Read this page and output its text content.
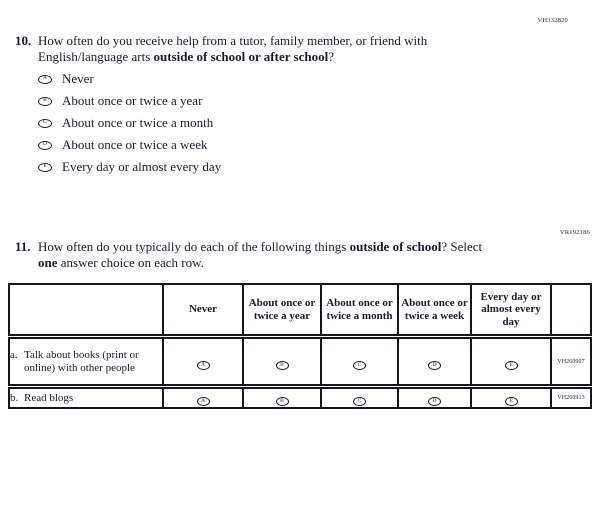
VH332820
10. How often do you receive help from a tutor, family member, or friend with
English/language arts outside of school or after school?
A Never
B About once or twice a year
C About once or twice a month
D About once or twice a week
E Every day or almost every day
VR192186
11. How often do you typically do each of the following things outside of school? Select
one answer choice on each row.
	Never	About once or twice a year	About once or twice a month	About once or twice a week	Every day or almost every day	

a. Talk about books (print or online) with other people	A	B	C	D	E	VH260907

b. Read blogs	A	B	C	D	E	VH260913
